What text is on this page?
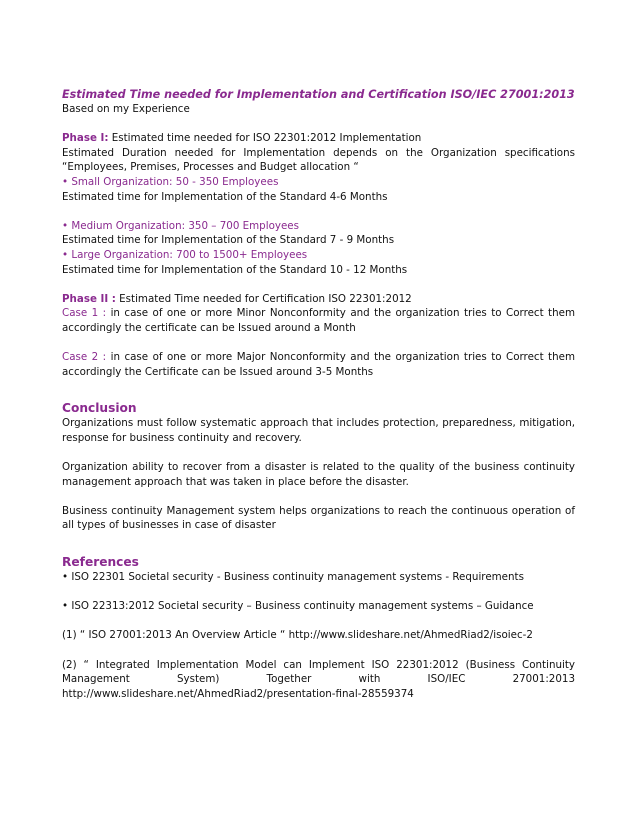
Estimated Time needed for Implementation and Certification ISO/IEC 27001:2013

Based on my Experience

Phase I: Estimated time needed for ISO 22301:2012 Implementation

Estimated Duration needed for Implementation depends on the Organization specifications “Employees, Premises, Processes and Budget allocation “

• Small Organization: 50 - 350 Employees

Estimated time for Implementation of the Standard 4-6 Months

• Medium Organization: 350 – 700 Employees

Estimated time for Implementation of the Standard 7 - 9 Months

• Large Organization: 700 to 1500+ Employees

Estimated time for Implementation of the Standard 10 - 12 Months

Phase II : Estimated Time needed for Certification ISO 22301:2012

Case 1 : in case of one or more Minor Nonconformity and the organization tries to Correct them accordingly the certificate can be Issued around a Month

Case 2 : in case of one or more Major Nonconformity and the organization tries to Correct them accordingly the Certificate can be Issued around 3-5 Months

Conclusion

Organizations must follow systematic approach that includes protection, preparedness, mitigation, response for business continuity and recovery.

Organization ability to recover from a disaster is related to the quality of the business continuity management approach that was taken in place before the disaster.

Business continuity Management system helps organizations to reach the continuous operation of all types of businesses in case of disaster

References

• ISO 22301 Societal security - Business continuity management systems - Requirements

• ISO 22313:2012 Societal security – Business continuity management systems – Guidance

(1) “ ISO 27001:2013 An Overview Article “ http://www.slideshare.net/AhmedRiad2/isoiec-2

(2) “ Integrated Implementation Model can Implement ISO 22301:2012 (Business Continuity Management System) Together with ISO/IEC 27001:2013 http://www.slideshare.net/AhmedRiad2/presentation-final-28559374
